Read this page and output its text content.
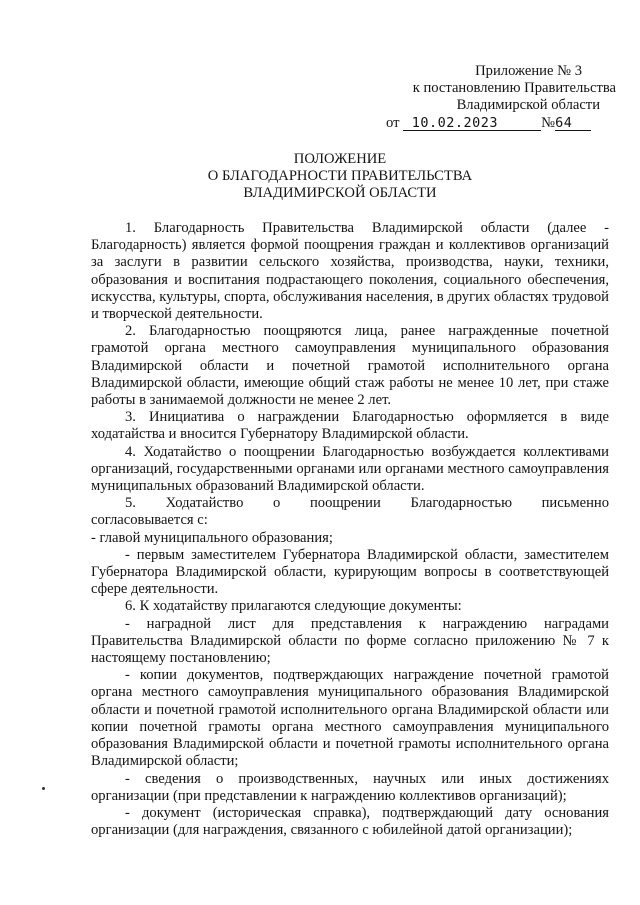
Приложение № 3
к постановлению Правительства
Владимирской области
от 10.02.2023	№64
ПОЛОЖЕНИЕ
О БЛАГОДАРНОСТИ ПРАВИТЕЛЬСТВА
ВЛАДИМИРСКОЙ ОБЛАСТИ

1. Благодарность Правительства Владимирской области (далее - Благодарность) является формой поощрения граждан и коллективов организаций за заслуги в развитии сельского хозяйства, производства, науки, техники, образования и воспитания подрастающего поколения, социального обеспечения, искусства, культуры, спорта, обслуживания населения, в других областях трудовой и творческой деятельности.

2. Благодарностью поощряются лица, ранее награжденные почетной грамотой органа местного самоуправления муниципального образования Владимирской области и почетной грамотой исполнительного органа Владимирской области, имеющие общий стаж работы не менее 10 лет, при стаже работы в занимаемой должности не менее 2 лет.

3. Инициатива о награждении Благодарностью оформляется в виде ходатайства и вносится Губернатору Владимирской области.

4. Ходатайство о поощрении Благодарностью возбуждается коллективами организаций, государственными органами или органами местного самоуправления муниципальных образований Владимирской области.

5. Ходатайство о поощрении Благодарностью письменно

согласовывается с:

- главой муниципального образования;

- первым заместителем Губернатора Владимирской области, заместителем Губернатора Владимирской области, курирующим вопросы в соответствующей сфере деятельности.

6. К ходатайству прилагаются следующие документы:

- наградной лист для представления к награждению наградами Правительства Владимирской области по форме согласно приложению № 7 к настоящему постановлению;

- копии документов, подтверждающих награждение почетной грамотой органа местного самоуправления муниципального образования Владимирской области и почетной грамотой исполнительного органа Владимирской области или копии почетной грамоты органа местного самоуправления муниципального образования Владимирской области и почетной грамоты исполнительного органа Владимирской области;

- сведения о производственных, научных или иных достижениях организации (при представлении к награждению коллективов организаций);

- документ (историческая справка), подтверждающий дату основания организации (для награждения, связанного с юбилейной датой организации);
